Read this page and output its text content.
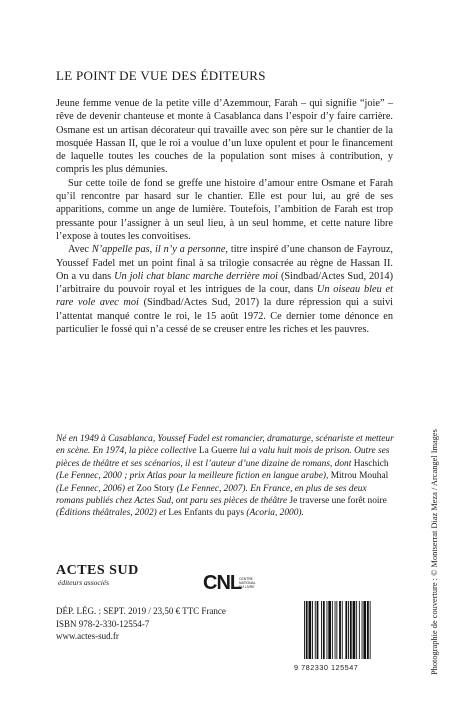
LE POINT DE VUE DES ÉDITEURS

Jeune femme venue de la petite ville d’Azemmour, Farah – qui signifie “joie” – rêve de devenir chanteuse et monte à Casablanca dans l’espoir d’y faire carrière. Osmane est un artisan décorateur qui travaille avec son père sur le chantier de la mosquée Hassan II, que le roi a voulue d’un luxe opulent et pour le financement de laquelle toutes les couches de la population sont mises à contribution, y compris les plus démunies.

Sur cette toile de fond se greffe une histoire d’amour entre Osmane et Farah qu’il rencontre par hasard sur le chantier. Elle est pour lui, au gré de ses apparitions, comme un ange de lumière. Toutefois, l’ambition de Farah est trop pressante pour l’assigner à un seul lieu, à un seul homme, et cette nature libre l’expose à toutes les convoitises.

Avec N’appelle pas, il n’y a personne, titre inspiré d’une chanson de Fayrouz, Youssef Fadel met un point final à sa trilogie consacrée au règne de Hassan II. On a vu dans Un joli chat blanc marche derrière moi (Sindbad/Actes Sud, 2014) l’arbitraire du pouvoir royal et les intrigues de la cour, dans Un oiseau bleu et rare vole avec moi (Sindbad/Actes Sud, 2017) la dure répression qui a suivi l’attentat manqué contre le roi, le 15 août 1972. Ce dernier tome dénonce en particulier le fossé qui n’a cessé de se creuser entre les riches et les pauvres.

Né en 1949 à Casablanca, Youssef Fadel est romancier, dramaturge, scénariste et metteur en scène. En 1974, la pièce collective La Guerre lui a valu huit mois de prison. Outre ses pièces de théâtre et ses scénarios, il est l’auteur d’une dizaine de romans, dont Haschich (Le Fennec, 2000 ; prix Atlas pour la meilleure fiction en langue arabe), Mitrou Mouhal (Le Fennec, 2006) et Zoo Story (Le Fennec, 2007). En France, en plus de ses deux romans publiés chez Actes Sud, ont paru ses pièces de théâtre Je traverse une forêt noire (Éditions théâtrales, 2002) et Les Enfants du pays (Acoria, 2000).
ACTES SUD
éditeurs associés	CNL
CENTRE
NATIONAL
DU LIVRE
DÉP. LÉG. : SEPT. 2019 / 23,50 € TTC France
ISBN 978-2-330-12554-7
www.actes-sud.fr
9 782330 125547	Photographie de couverture : © Montserrat Diaz Meza / Arcangel Images
